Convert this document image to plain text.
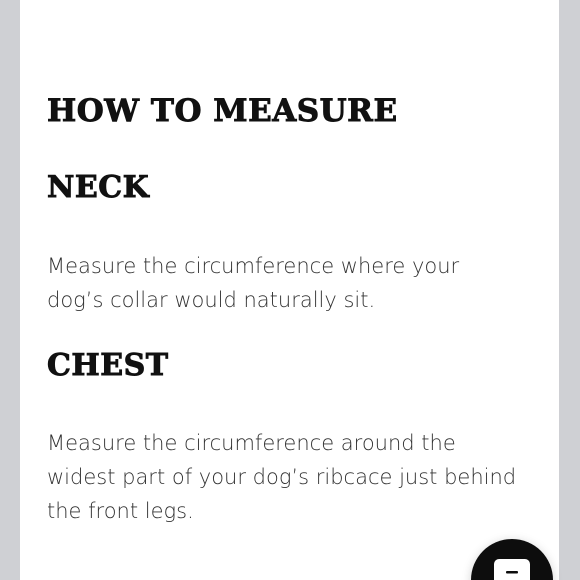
HOW TO MEASURE
NECK

Measure the circumference where your dog’s collar would naturally sit.

CHEST

Measure the circumference around the widest part of your dog’s ribcace just behind the front legs.
